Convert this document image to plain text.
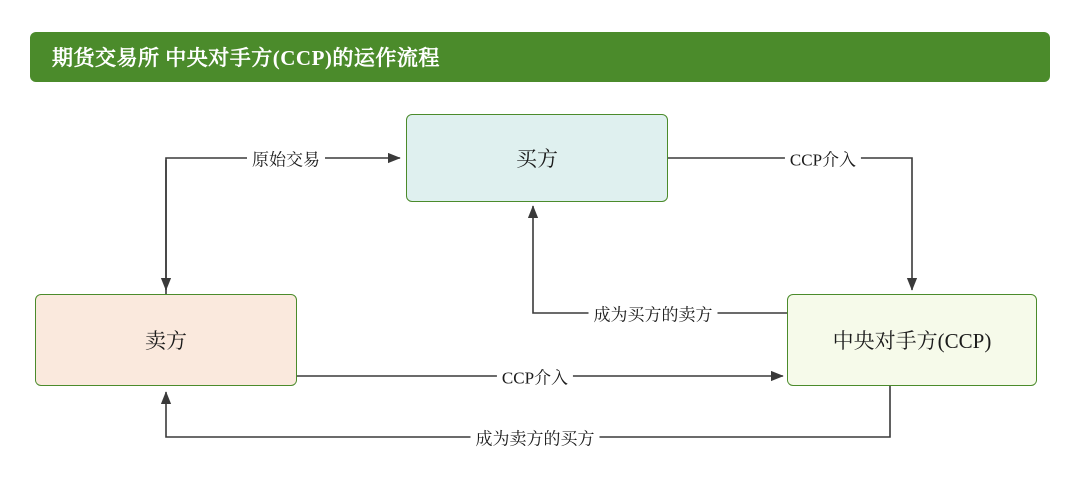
期货交易所 中央对手方(CCP)的运作流程
买方
卖方	中央对手方(CCP)
原始交易	CCP介入
成为买方的卖方
CCP介入
成为卖方的买方
